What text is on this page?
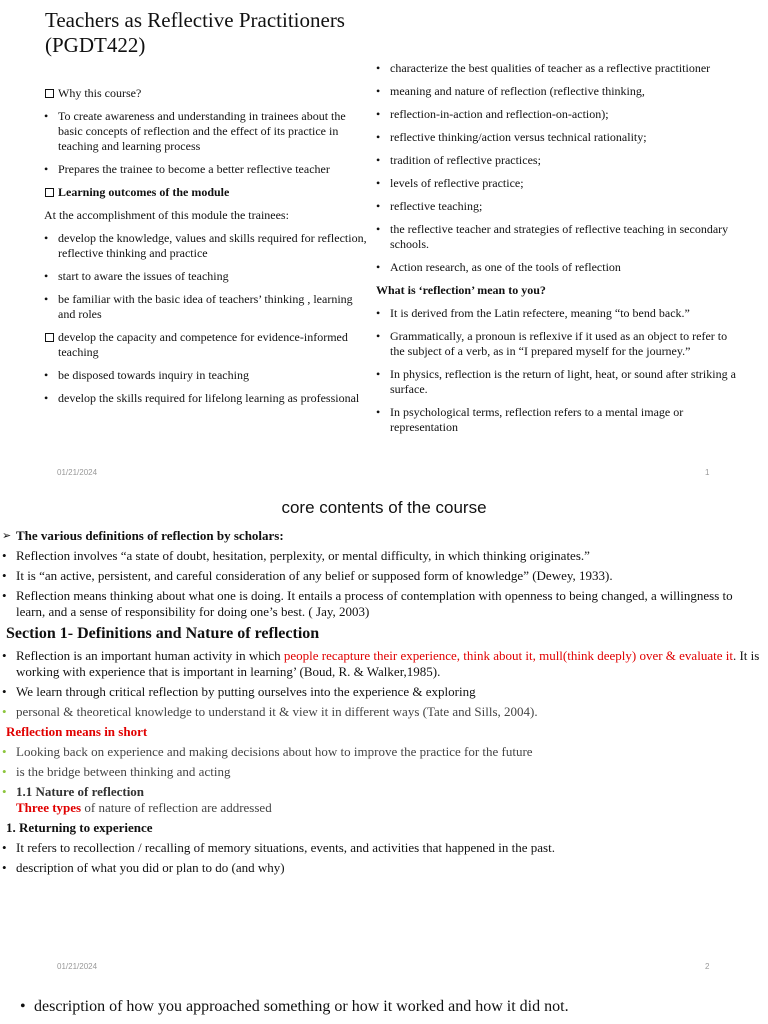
Teachers as Reflective Practitioners
(PGDT422)
Why this course?
• To create awareness and understanding in trainees about the basic concepts of reflection and the effect of its practice in teaching and learning process
• Prepares the trainee to become a better reflective teacher
Learning outcomes of the module
At the accomplishment of this module the trainees:
• develop the knowledge, values and skills required for reflection, reflective thinking and practice
• start to aware the issues of teaching
• be familiar with the basic idea of teachers’ thinking , learning and roles
develop the capacity and competence for evidence-informed teaching
• be disposed towards inquiry in teaching
• develop the skills required for lifelong learning as professional
• characterize the best qualities of teacher as a reflective practitioner
• meaning and nature of reflection (reflective thinking,
• reflection-in-action and reflection-on-action);
• reflective thinking/action versus technical rationality;
• tradition of reflective practices;
• levels of reflective practice;
• reflective teaching;
• the reflective teacher and strategies of reflective teaching in secondary schools.
• Action research, as one of the tools of reflection
What is ‘reflection’ mean to you?
• It is derived from the Latin refectere, meaning “to bend back.”
• Grammatically, a pronoun is reflexive if it used as an object to refer to the subject of a verb, as in “I prepared myself for the journey.”
• In physics, reflection is the return of light, heat, or sound after striking a surface.
• In psychological terms, reflection refers to a mental image or representation
01/21/2024	1
core contents of the course
➢ The various definitions of reflection by scholars:
• Reflection involves “a state of doubt, hesitation, perplexity, or mental difficulty, in which thinking originates.”
• It is “an active, persistent, and careful consideration of any belief or supposed form of knowledge” (Dewey, 1933).
• Reflection means thinking about what one is doing. It entails a process of contemplation with openness to being changed, a willingness to learn, and a sense of responsibility for doing one’s best. ( Jay, 2003)
Section 1- Definitions and Nature of reflection
• Reflection is an important human activity in which people recapture their experience, think about it, mull(think deeply) over & evaluate it. It is working with experience that is important in learning’ (Boud, R. & Walker,1985).
• We learn through critical reflection by putting ourselves into the experience & exploring
• personal & theoretical knowledge to understand it & view it in different ways (Tate and Sills, 2004).
Reflection means in short
• Looking back on experience and making decisions about how to improve the practice for the future
• is the bridge between thinking and acting
• 1.1 Nature of reflection
Three types of nature of reflection are addressed
1. Returning to experience
• It refers to recollection / recalling of memory situations, events, and activities that happened in the past.
• description of what you did or plan to do (and why)
01/21/2024	2
• description of how you approached something or how it worked and how it did not.
